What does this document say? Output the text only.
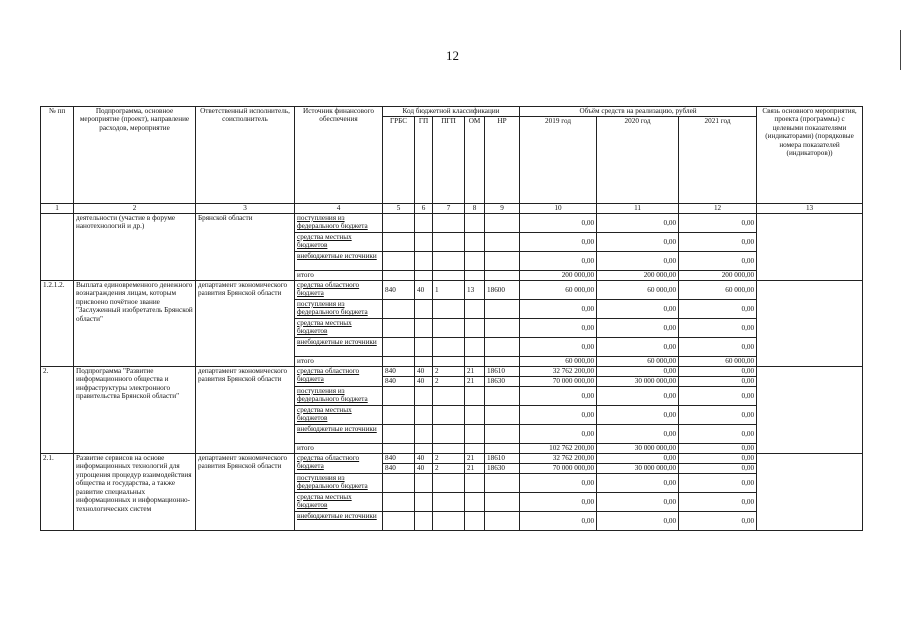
12
№ пп	Подпрограмма, основное мероприятие (проект), направление расходов, мероприятие	Ответственный исполнитель, соисполнитель	Источник финансового обеспечения	Код бюджетной классификации					Объём средств на реализацию, рублей			Связь основного мероприятия, проекта (программы) с целевыми показателями (индикаторами) (порядковые номера показателей (индикаторов))
				ГРБС	ГП	ПГП	ОМ	НР	2019 год	2020 год	2021 год	
1	2	3	4	5	6	7	8	9	10	11	12	13
	деятельности (участие в форуме нанотехнологий и др.)	Брянской области	поступления из федерального бюджета						0,00	0,00	0,00	
			средства местных бюджетов						0,00	0,00	0,00	
			внебюджетные источники						0,00	0,00	0,00	
			итого						200 000,00	200 000,00	200 000,00	
1.2.1.2.	Выплата единовременного денежного вознаграждения лицам, которым присвоено почётное звание "Заслуженный изобретатель Брянской области"	департамент экономического развития Брянской области	средства областного бюджета	840	40	1	13	18600	60 000,00	60 000,00	60 000,00	
			поступления из федерального бюджета						0,00	0,00	0,00	
			средства местных бюджетов						0,00	0,00	0,00	
			внебюджетные источники						0,00	0,00	0,00	
			итого						60 000,00	60 000,00	60 000,00	
2.	Подпрограмма "Развитие информационного общества и инфраструктуры электронного правительства Брянской области"	департамент экономического развития Брянской области	средства областного бюджета	840	40	2	21	18610	32 762 200,00	0,00	0,00	
				840	40	2	21	18630	70 000 000,00	30 000 000,00	0,00	
			поступления из федерального бюджета						0,00	0,00	0,00	
			средства местных бюджетов						0,00	0,00	0,00	
			внебюджетные источники						0,00	0,00	0,00	
			итого						102 762 200,00	30 000 000,00	0,00	
2.1.	Развитие сервисов на основе информационных технологий для упрощения процедур взаимодействия общества и государства, а также развитие специальных информационных и информационно-технологических систем	департамент экономического развития Брянской области	средства областного бюджета	840	40	2	21	18610	32 762 200,00	0,00	0,00	
				840	40	2	21	18630	70 000 000,00	30 000 000,00	0,00	
			поступления из федерального бюджета						0,00	0,00	0,00	
			средства местных бюджетов						0,00	0,00	0,00	
			внебюджетные источники						0,00	0,00	0,00	
